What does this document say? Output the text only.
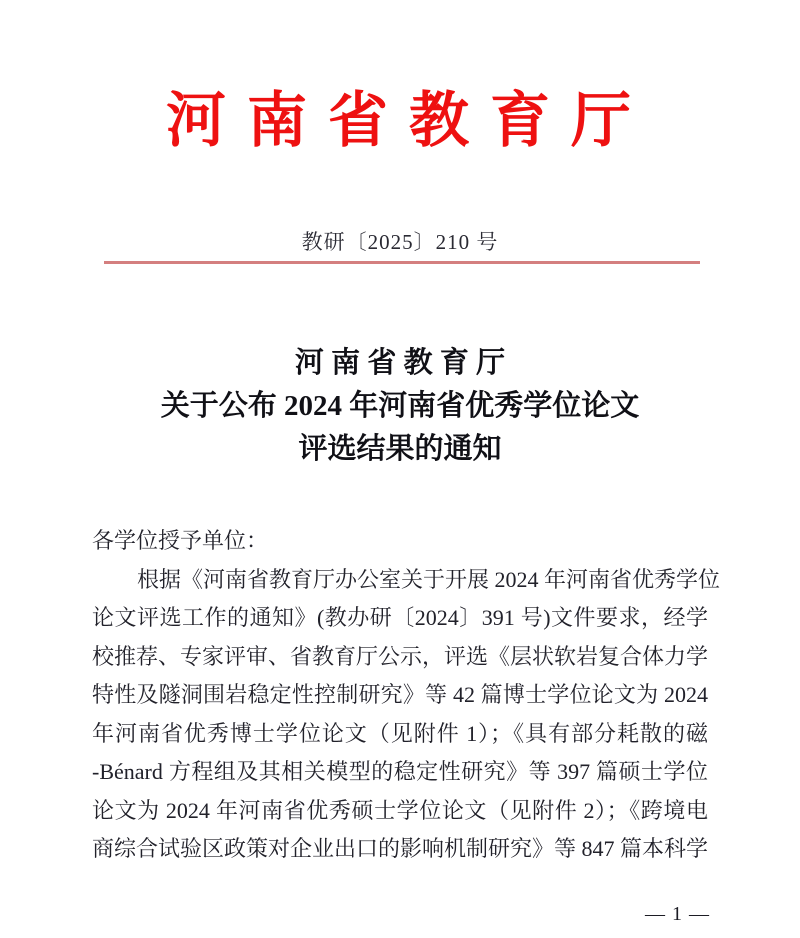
河 南 省 教 育 厅
教研〔2025〕210 号
河 南 省 教 育 厅
关于公布 2024 年河南省优秀学位论文
评选结果的通知
各学位授予单位：
根据《河南省教育厅办公室关于开展 2024 年河南省优秀学位
论文评选工作的通知》(教办研〔2024〕391 号)文件要求，经学
校推荐、专家评审、省教育厅公示，评选《层状软岩复合体力学
特性及隧洞围岩稳定性控制研究》等 42 篇博士学位论文为 2024
年河南省优秀博士学位论文（见附件 1）；《具有部分耗散的磁
-Bénard 方程组及其相关模型的稳定性研究》等 397 篇硕士学位
论文为 2024 年河南省优秀硕士学位论文（见附件 2）；《跨境电
商综合试验区政策对企业出口的影响机制研究》等 847 篇本科学
— 1 —
